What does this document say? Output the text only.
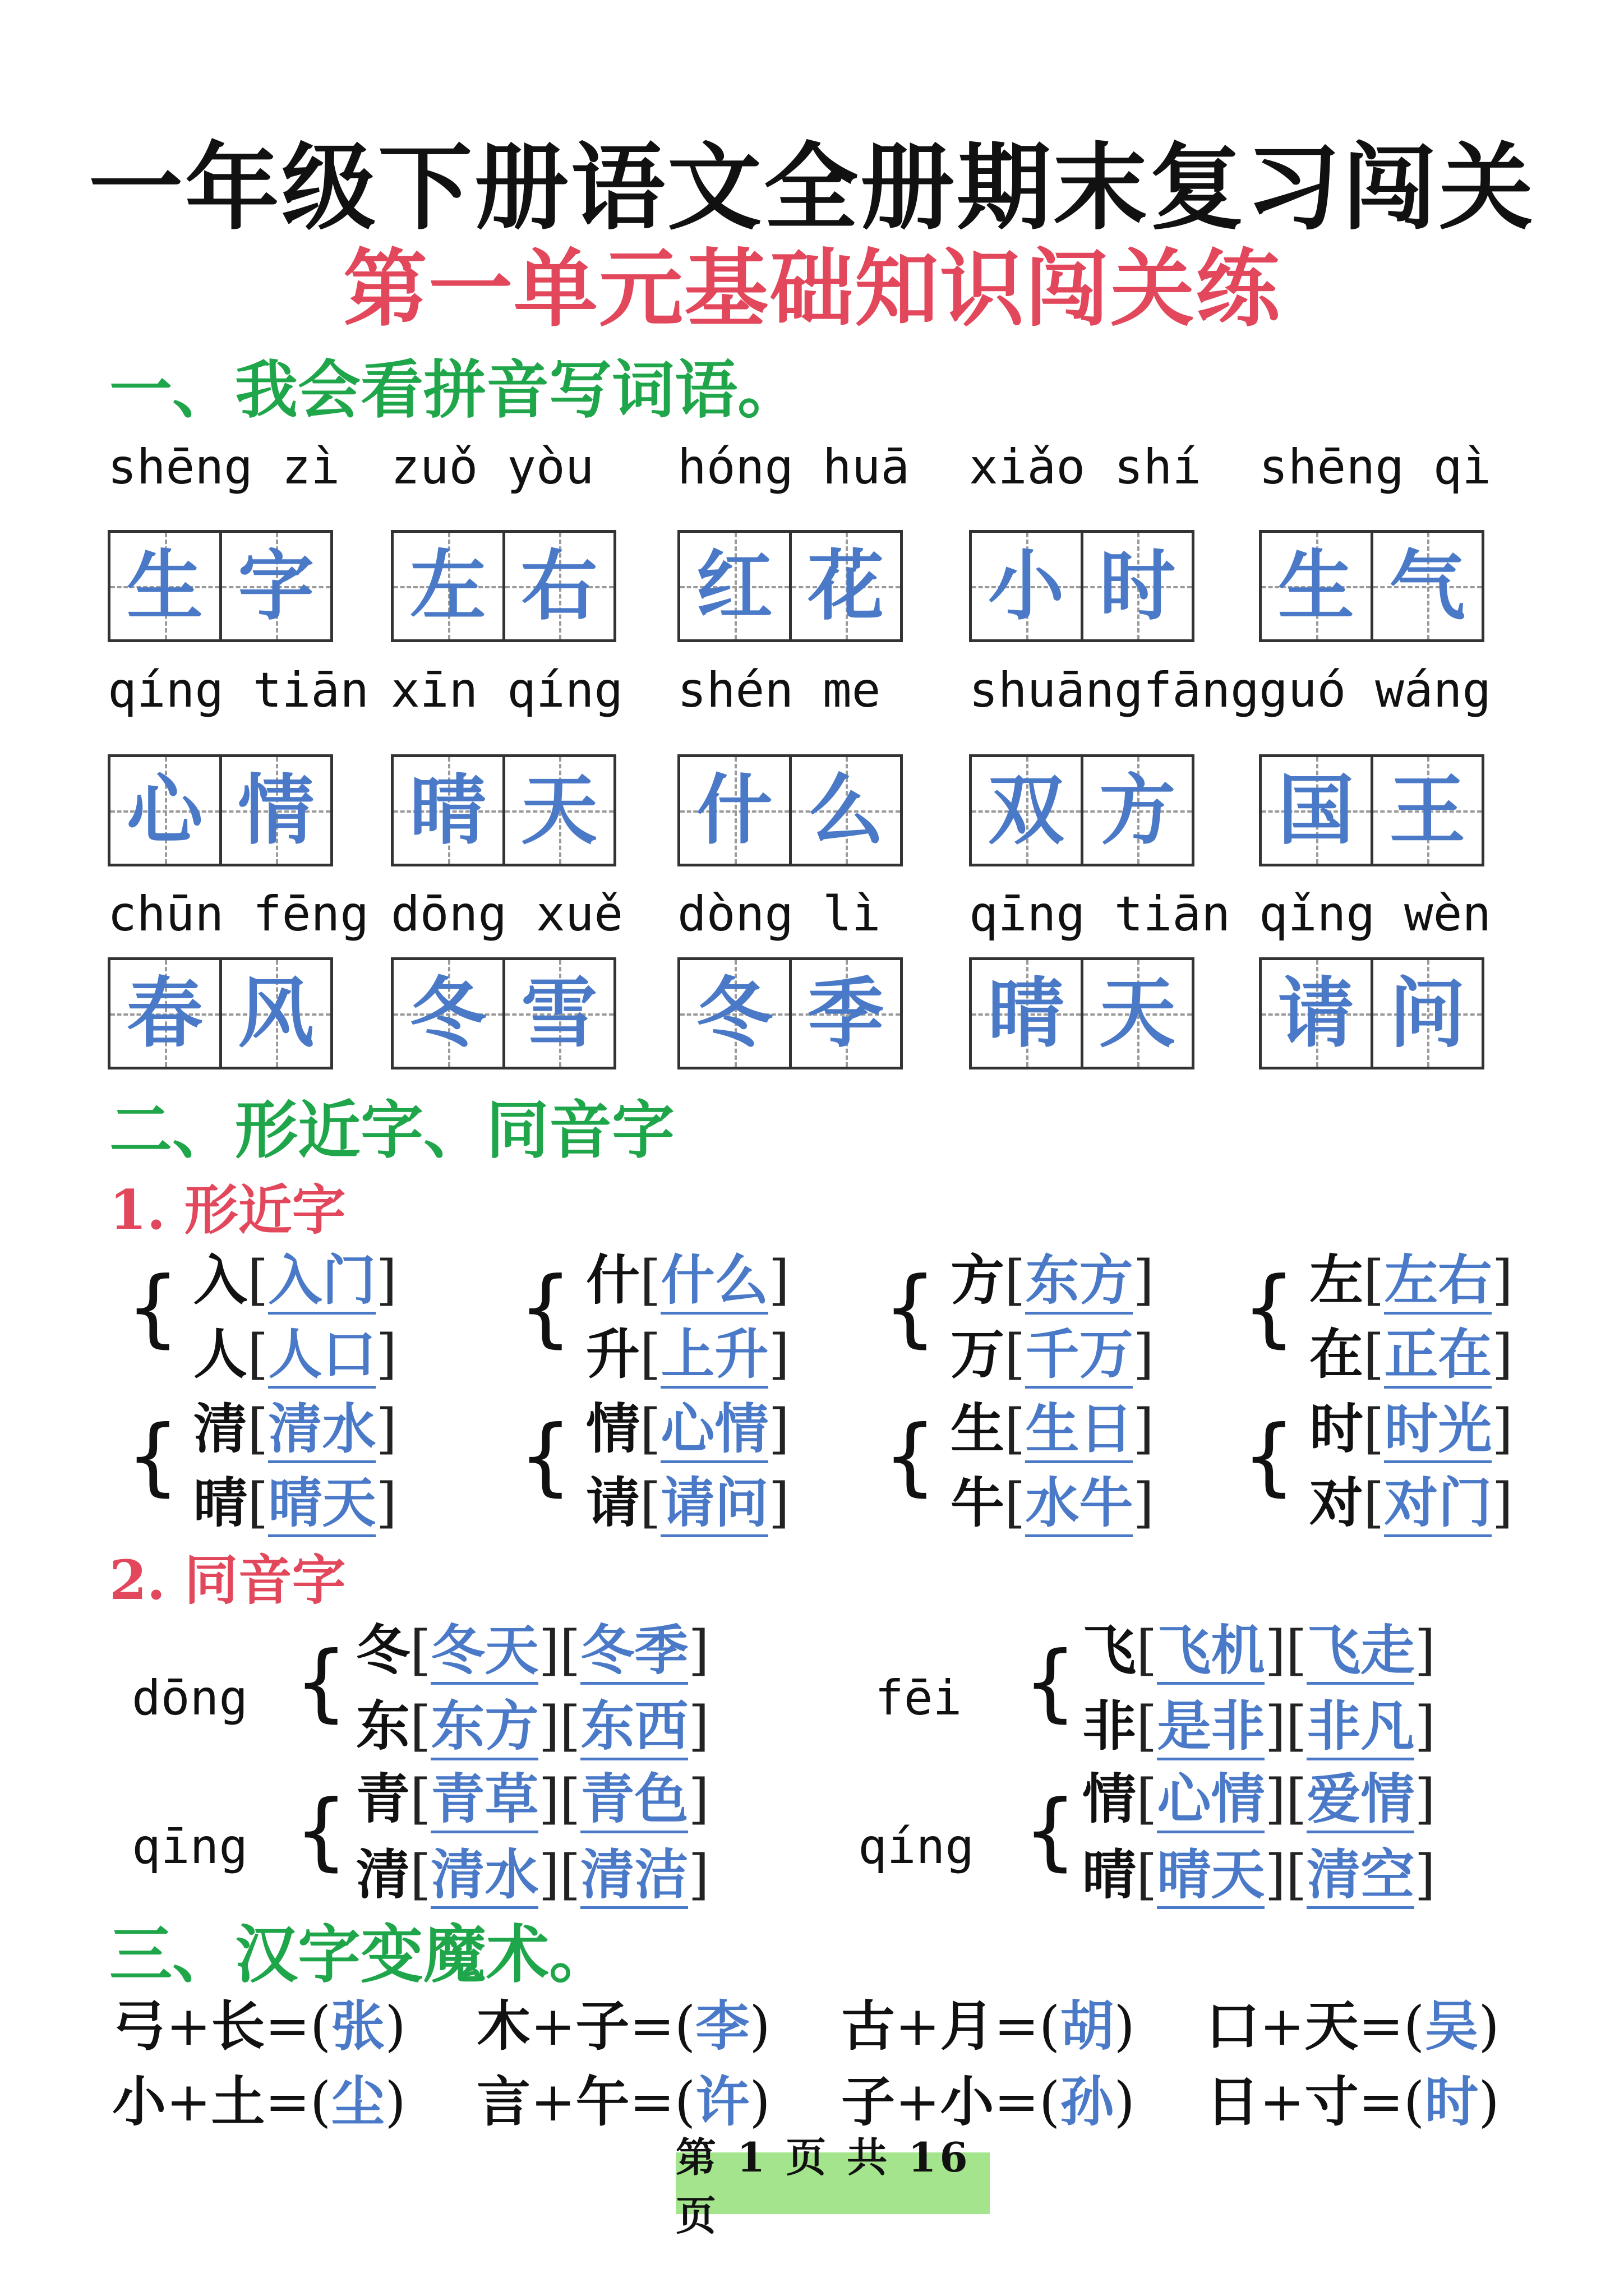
一年级下册语文全册期末复习闯关
第一单元基础知识闯关练
一、我会看拼音写词语。
shēng zì
生 字
zuǒ yòu
左 右
hóng huā
红 花
xiǎo shí
小 时
shēng qì
生 气
qíng tiān
心 情
xīn qíng
晴 天
shén me
什 么
shuāngfāng
双 方
guó wáng
国 王
chūn fēng
春 风
dōng xuě
冬 雪
dòng lì
冬 季
qīng tiān
晴 天
qǐng wèn
请 问
二、形近字、同音字
1. 形近字
{ 入[入门]
人[人口] { 什[什么]
升[上升] { 方[东方]
万[千万] { 左[左右]
在[正在]
{ 清[清水]
晴[晴天] { 情[心情]
请[请问] { 生[生日]
牛[水牛] { 时[时光]
对[对门]
2. 同音字
dōng { 冬[冬天][冬季]
东[东方][东西]	fēi { 飞[飞机][飞走]
非[是非][非凡]
qīng { 青[青草][青色]
清[清水][清洁]	qíng { 情[心情][爱情]
晴[晴天][清空]
三、汉字变魔术。
弓+长=(张) 木+子=(李) 古+月=(胡) 口+天=(吴)
小+土=(尘) 言+午=(许) 子+小=(孙) 日+寸=(时)
第 1 页 共 16 页
